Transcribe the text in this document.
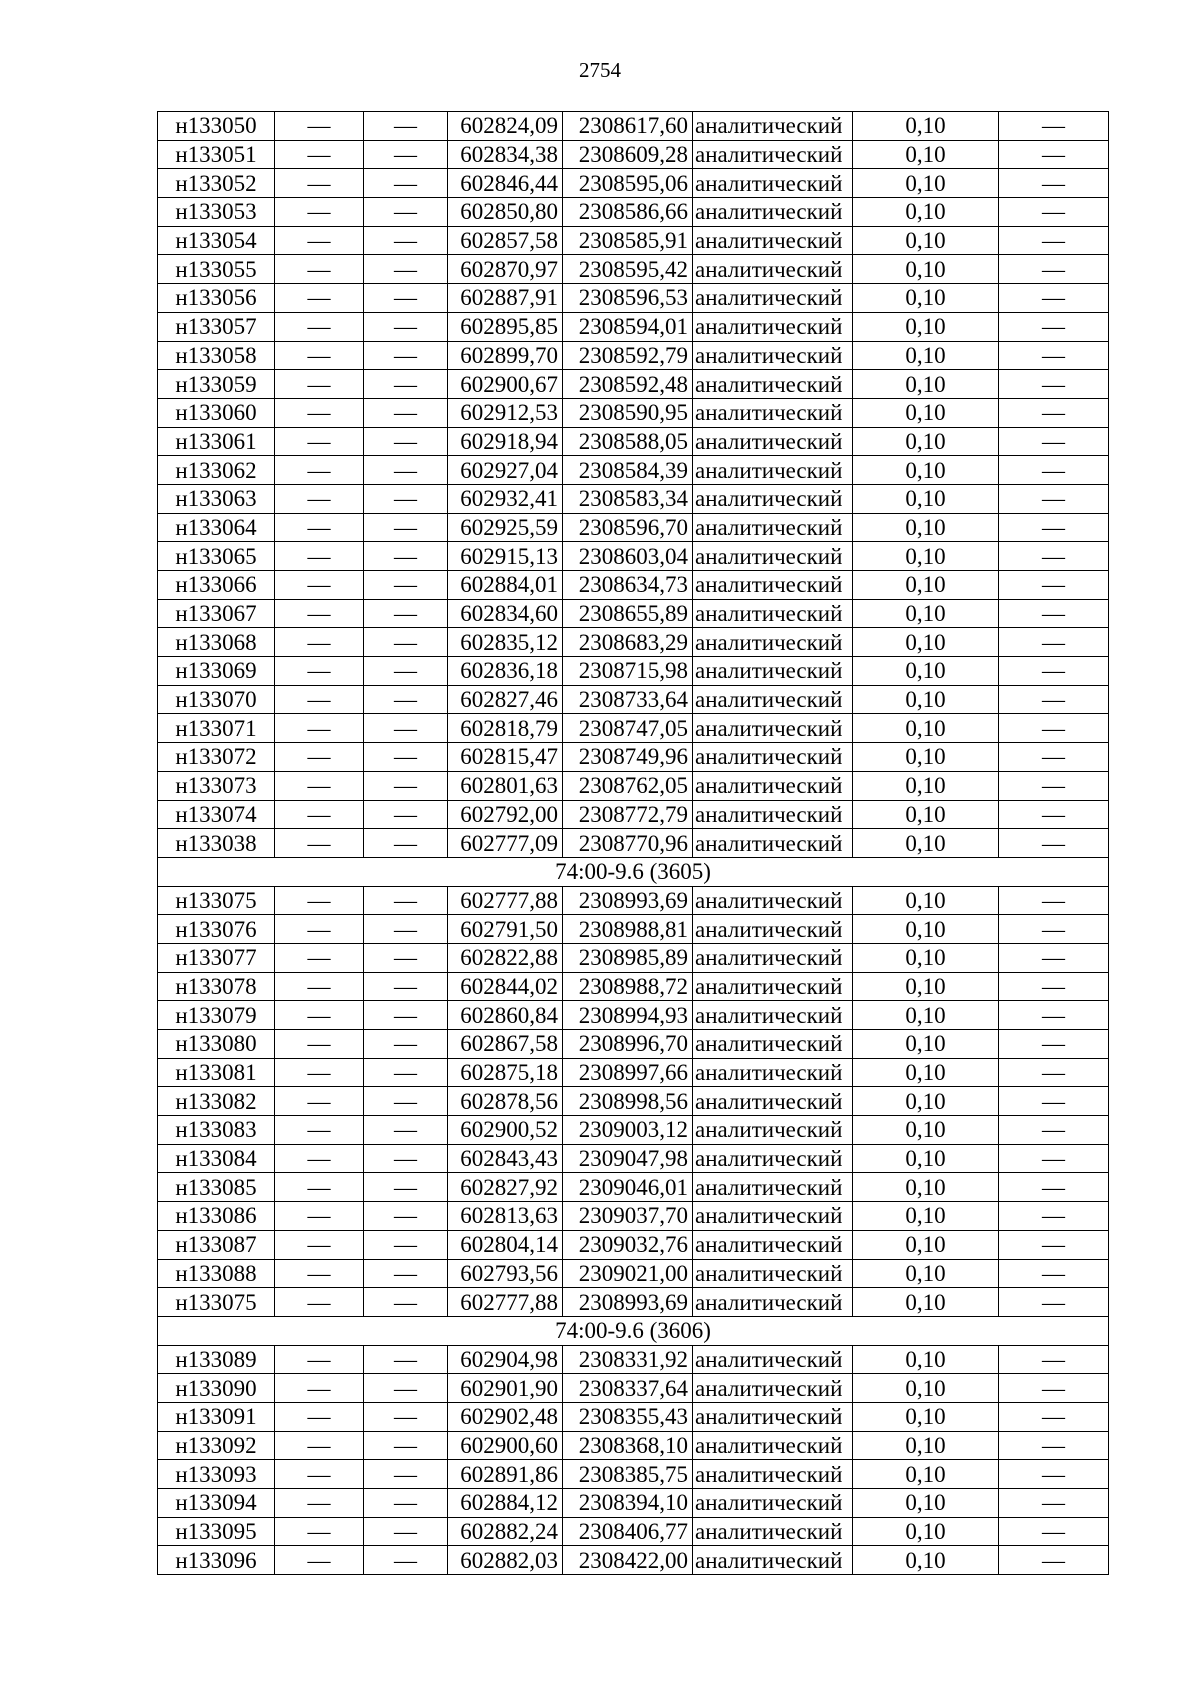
2754
н133050	—	—	602824,09	2308617,60	аналитический	0,10	—
н133051	—	—	602834,38	2308609,28	аналитический	0,10	—
н133052	—	—	602846,44	2308595,06	аналитический	0,10	—
н133053	—	—	602850,80	2308586,66	аналитический	0,10	—
н133054	—	—	602857,58	2308585,91	аналитический	0,10	—
н133055	—	—	602870,97	2308595,42	аналитический	0,10	—
н133056	—	—	602887,91	2308596,53	аналитический	0,10	—
н133057	—	—	602895,85	2308594,01	аналитический	0,10	—
н133058	—	—	602899,70	2308592,79	аналитический	0,10	—
н133059	—	—	602900,67	2308592,48	аналитический	0,10	—
н133060	—	—	602912,53	2308590,95	аналитический	0,10	—
н133061	—	—	602918,94	2308588,05	аналитический	0,10	—
н133062	—	—	602927,04	2308584,39	аналитический	0,10	—
н133063	—	—	602932,41	2308583,34	аналитический	0,10	—
н133064	—	—	602925,59	2308596,70	аналитический	0,10	—
н133065	—	—	602915,13	2308603,04	аналитический	0,10	—
н133066	—	—	602884,01	2308634,73	аналитический	0,10	—
н133067	—	—	602834,60	2308655,89	аналитический	0,10	—
н133068	—	—	602835,12	2308683,29	аналитический	0,10	—
н133069	—	—	602836,18	2308715,98	аналитический	0,10	—
н133070	—	—	602827,46	2308733,64	аналитический	0,10	—
н133071	—	—	602818,79	2308747,05	аналитический	0,10	—
н133072	—	—	602815,47	2308749,96	аналитический	0,10	—
н133073	—	—	602801,63	2308762,05	аналитический	0,10	—
н133074	—	—	602792,00	2308772,79	аналитический	0,10	—
н133038	—	—	602777,09	2308770,96	аналитический	0,10	—
74:00-9.6 (3605)							
н133075	—	—	602777,88	2308993,69	аналитический	0,10	—
н133076	—	—	602791,50	2308988,81	аналитический	0,10	—
н133077	—	—	602822,88	2308985,89	аналитический	0,10	—
н133078	—	—	602844,02	2308988,72	аналитический	0,10	—
н133079	—	—	602860,84	2308994,93	аналитический	0,10	—
н133080	—	—	602867,58	2308996,70	аналитический	0,10	—
н133081	—	—	602875,18	2308997,66	аналитический	0,10	—
н133082	—	—	602878,56	2308998,56	аналитический	0,10	—
н133083	—	—	602900,52	2309003,12	аналитический	0,10	—
н133084	—	—	602843,43	2309047,98	аналитический	0,10	—
н133085	—	—	602827,92	2309046,01	аналитический	0,10	—
н133086	—	—	602813,63	2309037,70	аналитический	0,10	—
н133087	—	—	602804,14	2309032,76	аналитический	0,10	—
н133088	—	—	602793,56	2309021,00	аналитический	0,10	—
н133075	—	—	602777,88	2308993,69	аналитический	0,10	—
74:00-9.6 (3606)							
н133089	—	—	602904,98	2308331,92	аналитический	0,10	—
н133090	—	—	602901,90	2308337,64	аналитический	0,10	—
н133091	—	—	602902,48	2308355,43	аналитический	0,10	—
н133092	—	—	602900,60	2308368,10	аналитический	0,10	—
н133093	—	—	602891,86	2308385,75	аналитический	0,10	—
н133094	—	—	602884,12	2308394,10	аналитический	0,10	—
н133095	—	—	602882,24	2308406,77	аналитический	0,10	—
н133096	—	—	602882,03	2308422,00	аналитический	0,10	—
